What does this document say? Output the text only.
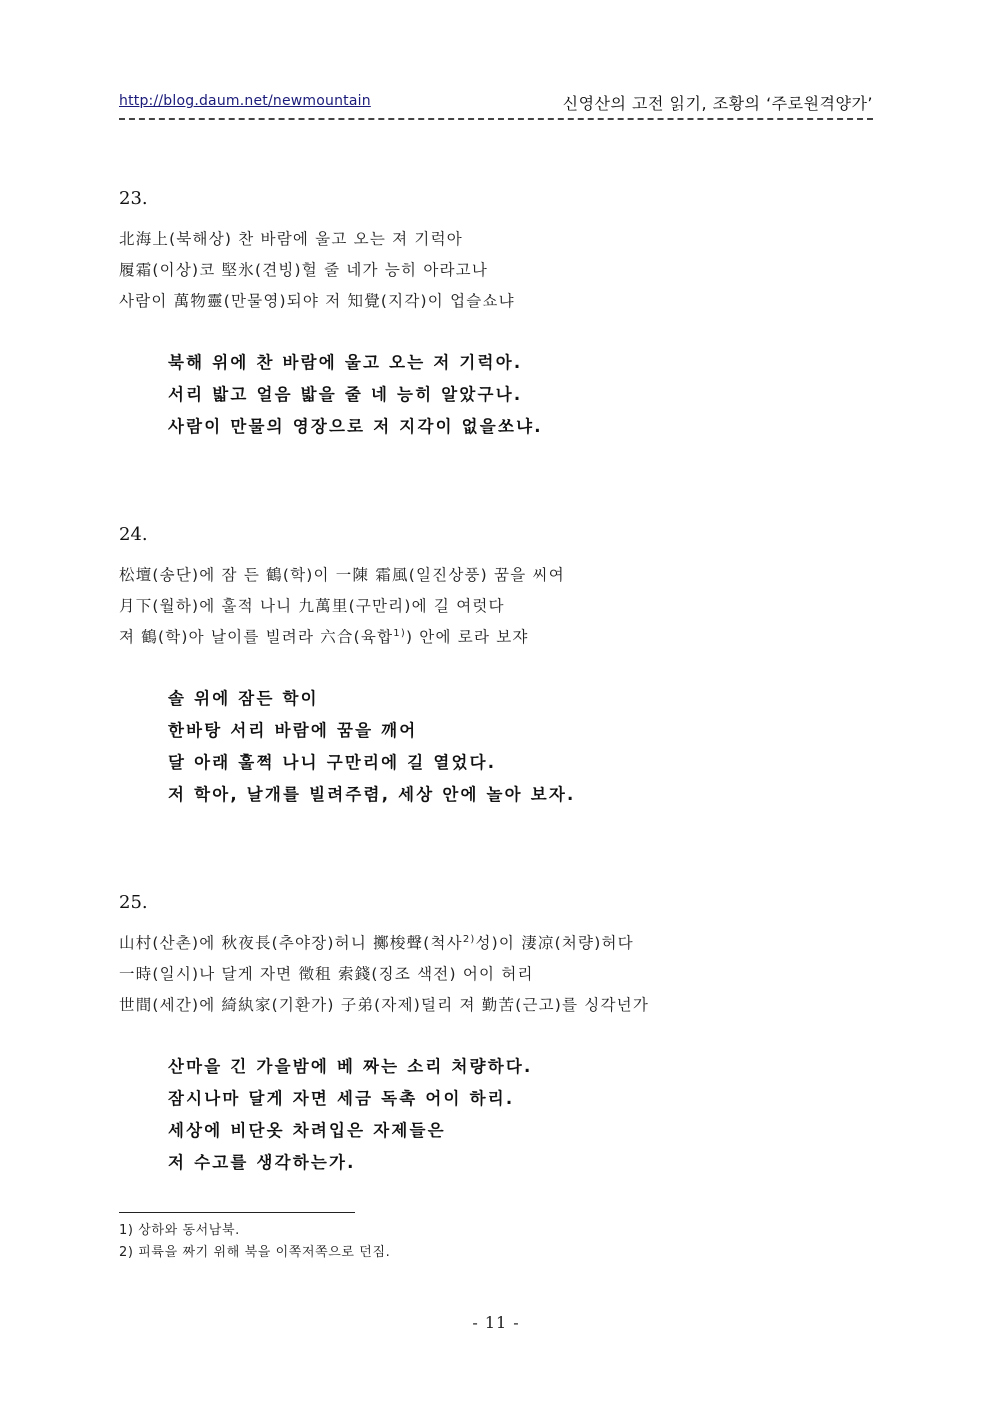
http://blog.daum.net/newmountain	신영산의 고전 읽기, 조황의 ‘주로원격양가’

23.

北海上(북해상) 찬 바람에 울고 오는 져 기럭아
履霜(이상)코 堅氷(견빙)헐 줄 네가 능히 아라고나
사람이 萬物靈(만물영)되야 저 知覺(지각)이 업슬쇼냐
북해 위에 찬 바람에 울고 오는 저 기럭아.
서리 밟고 얼음 밟을 줄 네 능히 알았구나.
사람이 만물의 영장으로 저 지각이 없을쏘냐.

24.

松壇(송단)에 잠 든 鶴(학)이 一陳 霜風(일진상풍) 꿈을 씨여
月下(월하)에 훌적 나니 九萬里(구만리)에 길 여럿다
져 鶴(학)아 날이를 빌려라 六合(육합$^{1)}$) 안에 로라 보쟈
솔 위에 잠든 학이
한바탕 서리 바람에 꿈을 깨어
달 아래 훌쩍 나니 구만리에 길 열었다.
저 학아, 날개를 빌려주렴, 세상 안에 놀아 보자.

25.

山村(산촌)에 秋夜長(추야장)허니 擲梭聲(척사$^{2)}$성)이 淒凉(처량)허다
一時(일시)나 달게 자면 徵租 索錢(징조 색전) 어이 허리
世間(세간)에 綺紈家(기환가) 子弟(자제)덜리 져 勤苦(근고)를 싱각넌가
산마을 긴 가을밤에 베 짜는 소리 처량하다.
잠시나마 달게 자면 세금 독촉 어이 하리.
세상에 비단옷 차려입은 자제들은
저 수고를 생각하는가.
1) 상하와 동서남북.
2) 피륙을 짜기 위해 북을 이쪽저쪽으로 던짐.
- 11 -
